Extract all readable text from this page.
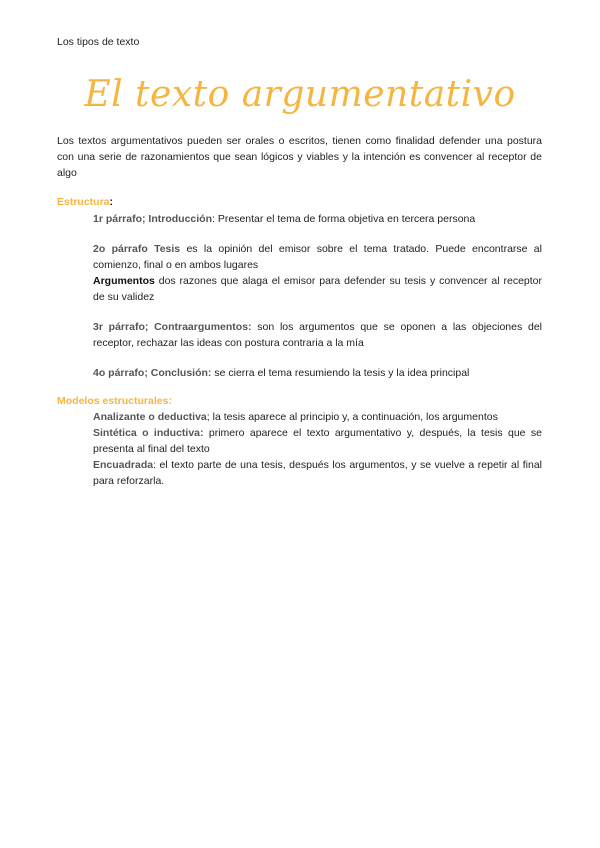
Los tipos de texto
El texto argumentativo
Los textos argumentativos pueden ser orales o escritos, tienen como finalidad defender una postura con una serie de razonamientos que sean lógicos y viables y la intención es convencer al receptor de algo
Estructura:
1r párrafo; Introducción: Presentar el tema de forma objetiva en tercera persona
2o párrafo Tesis es la opinión del emisor sobre el tema tratado. Puede encontrarse al comienzo, final o en ambos lugares
Argumentos dos razones que alaga el emisor para defender su tesis y convencer al receptor de su validez
3r párrafo; Contraargumentos: son los argumentos que se oponen a las objeciones del receptor, rechazar las ideas con postura contraria a la mía
4o párrafo; Conclusión: se cierra el tema resumiendo la tesis y la idea principal
Modelos estructurales:
Analizante o deductiva; la tesis aparece al principio y, a continuación, los argumentos
Sintética o inductiva: primero aparece el texto argumentativo y, después, la tesis que se presenta al final del texto
Encuadrada: el texto parte de una tesis, después los argumentos, y se vuelve a repetir al final para reforzarla.
